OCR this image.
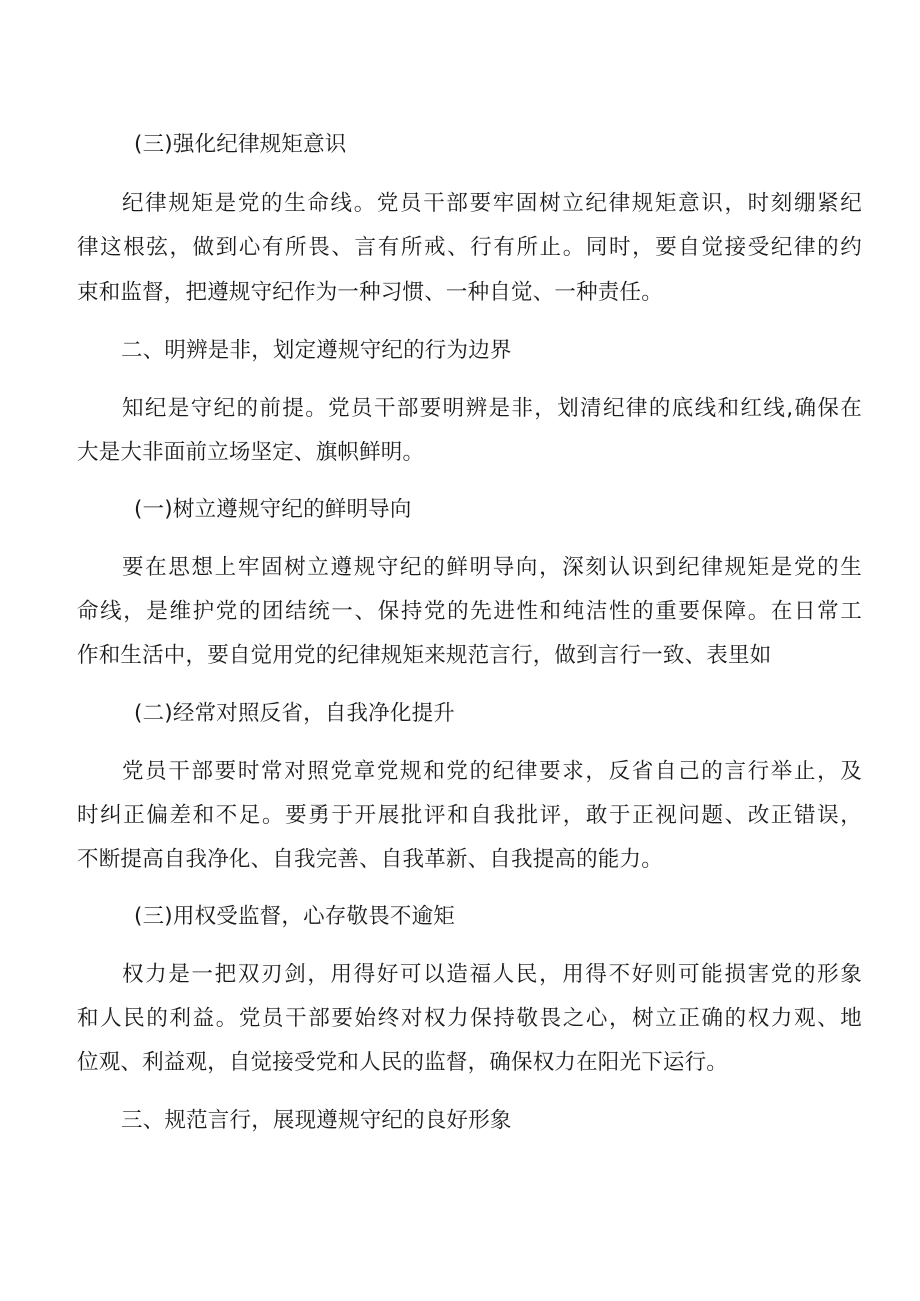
(三)强化纪律规矩意识
纪律规矩是党的生命线。党员干部要牢固树立纪律规矩意识，时刻绷紧纪
律这根弦，做到心有所畏、言有所戒、行有所止。同时，要自觉接受纪律的约
束和监督，把遵规守纪作为一种习惯、一种自觉、一种责任。
二、明辨是非，划定遵规守纪的行为边界
知纪是守纪的前提。党员干部要明辨是非，划清纪律的底线和红线,确保在
大是大非面前立场坚定、旗帜鲜明。
(一)树立遵规守纪的鲜明导向
要在思想上牢固树立遵规守纪的鲜明导向，深刻认识到纪律规矩是党的生
命线，是维护党的团结统一、保持党的先进性和纯洁性的重要保障。在日常工
作和生活中，要自觉用党的纪律规矩来规范言行，做到言行一致、表里如
(二)经常对照反省，自我净化提升
党员干部要时常对照党章党规和党的纪律要求，反省自己的言行举止，及
时纠正偏差和不足。要勇于开展批评和自我批评，敢于正视问题、改正错误，
不断提高自我净化、自我完善、自我革新、自我提高的能力。
(三)用权受监督，心存敬畏不逾矩
权力是一把双刃剑，用得好可以造福人民，用得不好则可能损害党的形象
和人民的利益。党员干部要始终对权力保持敬畏之心，树立正确的权力观、地
位观、利益观，自觉接受党和人民的监督，确保权力在阳光下运行。
三、规范言行，展现遵规守纪的良好形象
